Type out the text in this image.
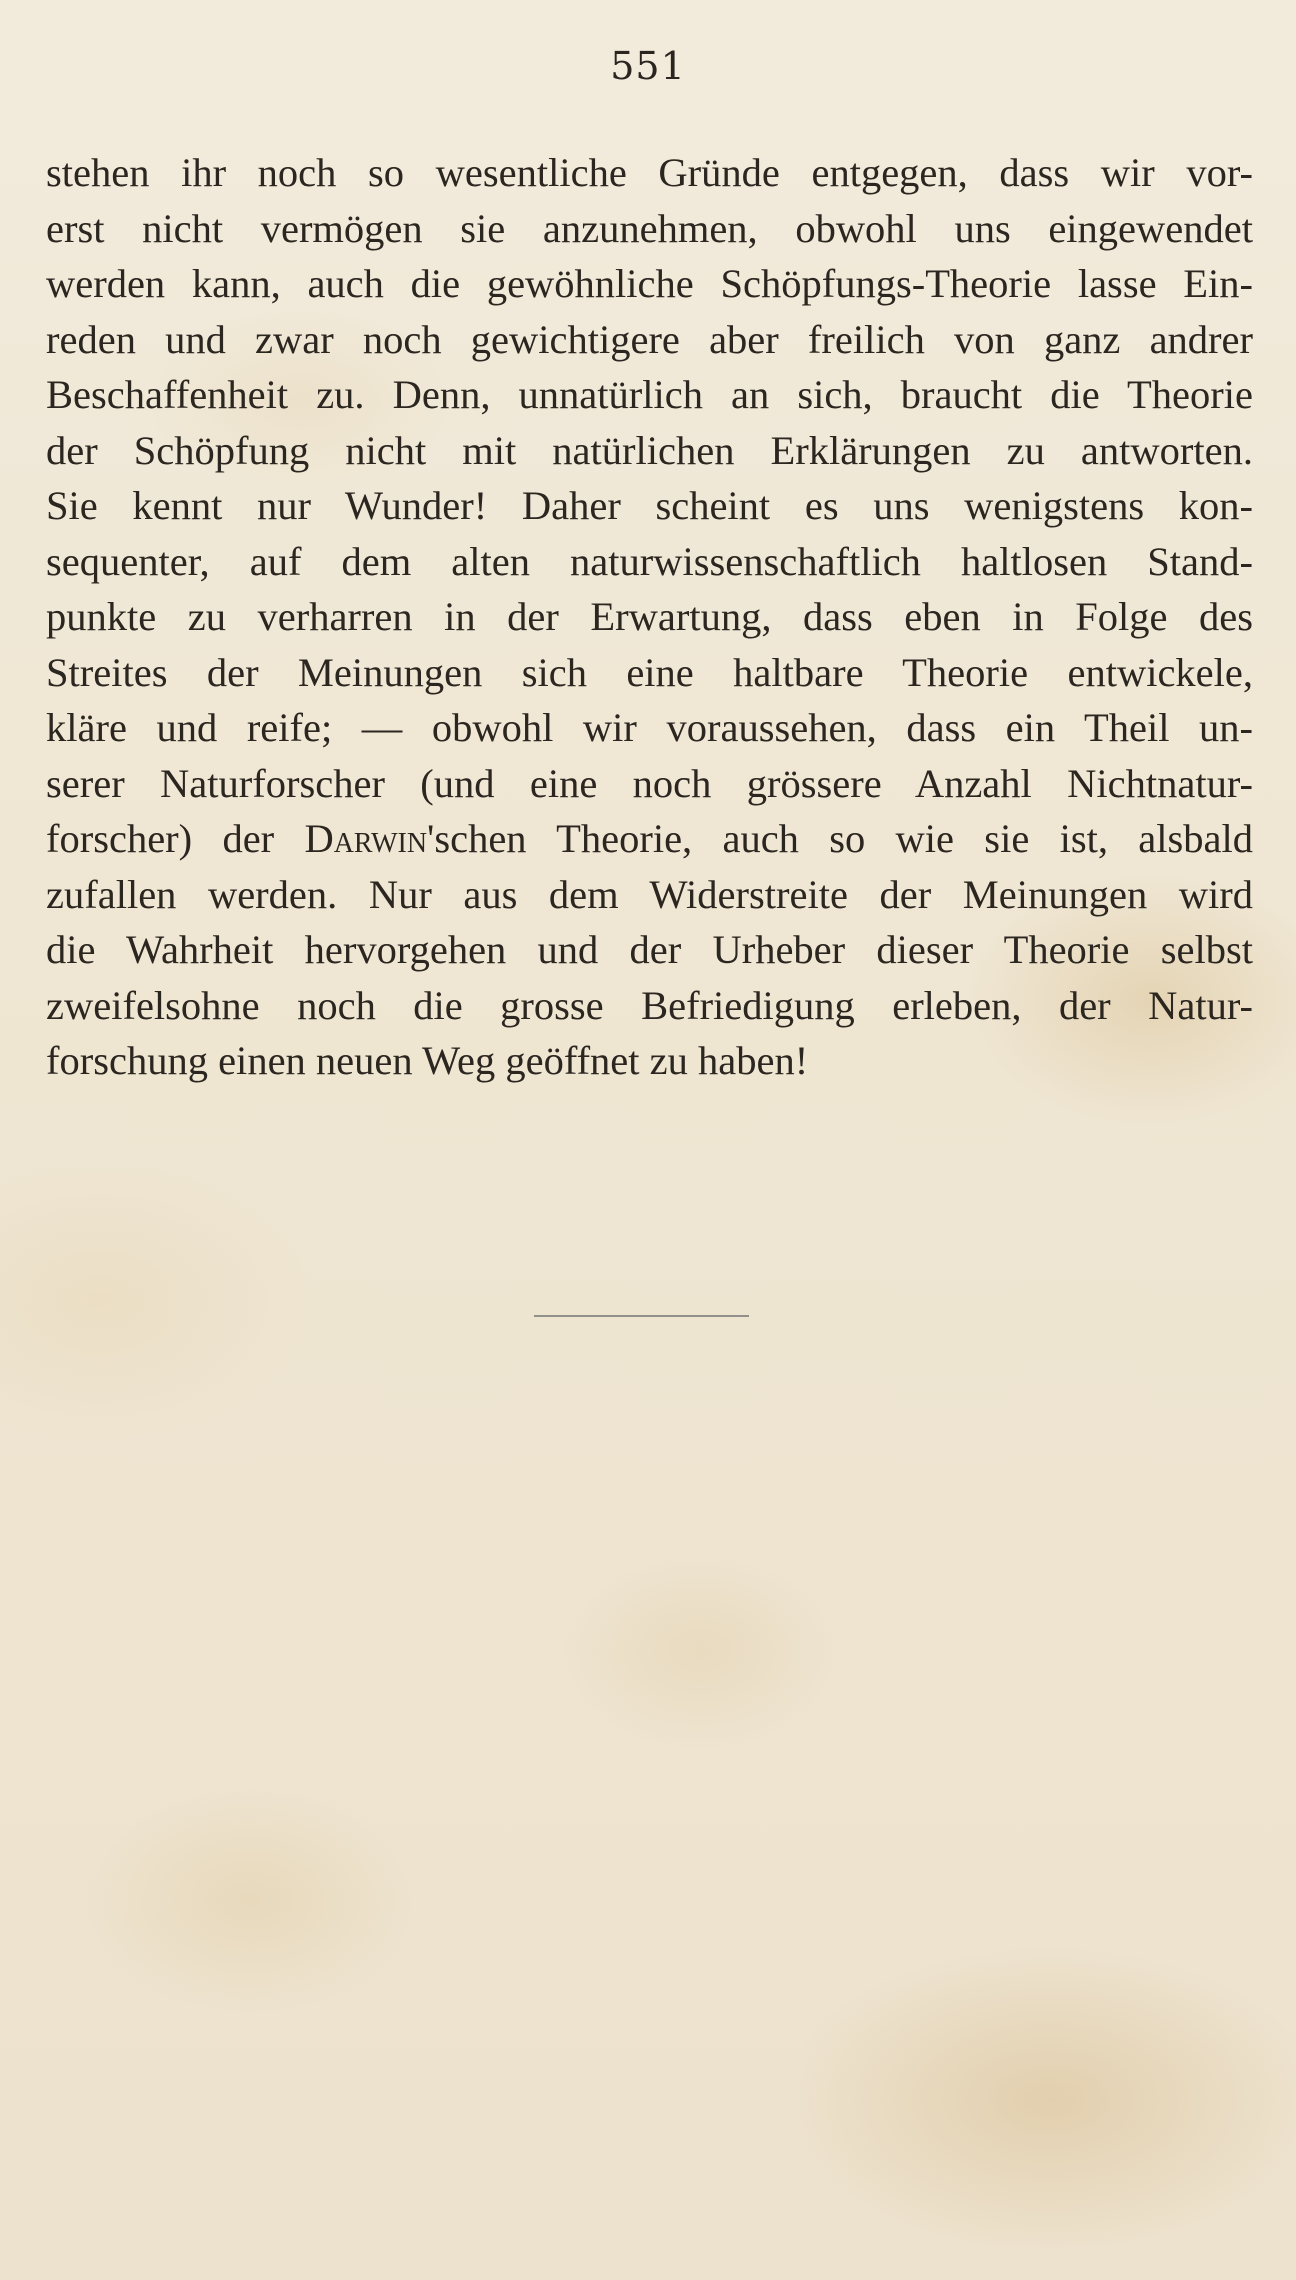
551
stehen ihr noch so wesentliche Gründe entgegen, dass wir vor-
erst nicht vermögen sie anzunehmen, obwohl uns eingewendet
werden kann, auch die gewöhnliche Schöpfungs-Theorie lasse Ein-
reden und zwar noch gewichtigere aber freilich von ganz andrer
Beschaffenheit zu. Denn, unnatürlich an sich, braucht die Theorie
der Schöpfung nicht mit natürlichen Erklärungen zu antworten.
Sie kennt nur Wunder! Daher scheint es uns wenigstens kon-
sequenter, auf dem alten naturwissenschaftlich haltlosen Stand-
punkte zu verharren in der Erwartung, dass eben in Folge des
Streites der Meinungen sich eine haltbare Theorie entwickele,
kläre und reife; — obwohl wir voraussehen, dass ein Theil un-
serer Naturforscher (und eine noch grössere Anzahl Nichtnatur-
forscher) der Darwin'schen Theorie, auch so wie sie ist, alsbald
zufallen werden. Nur aus dem Widerstreite der Meinungen wird
die Wahrheit hervorgehen und der Urheber dieser Theorie selbst
zweifelsohne noch die grosse Befriedigung erleben, der Natur-
forschung einen neuen Weg geöffnet zu haben!
